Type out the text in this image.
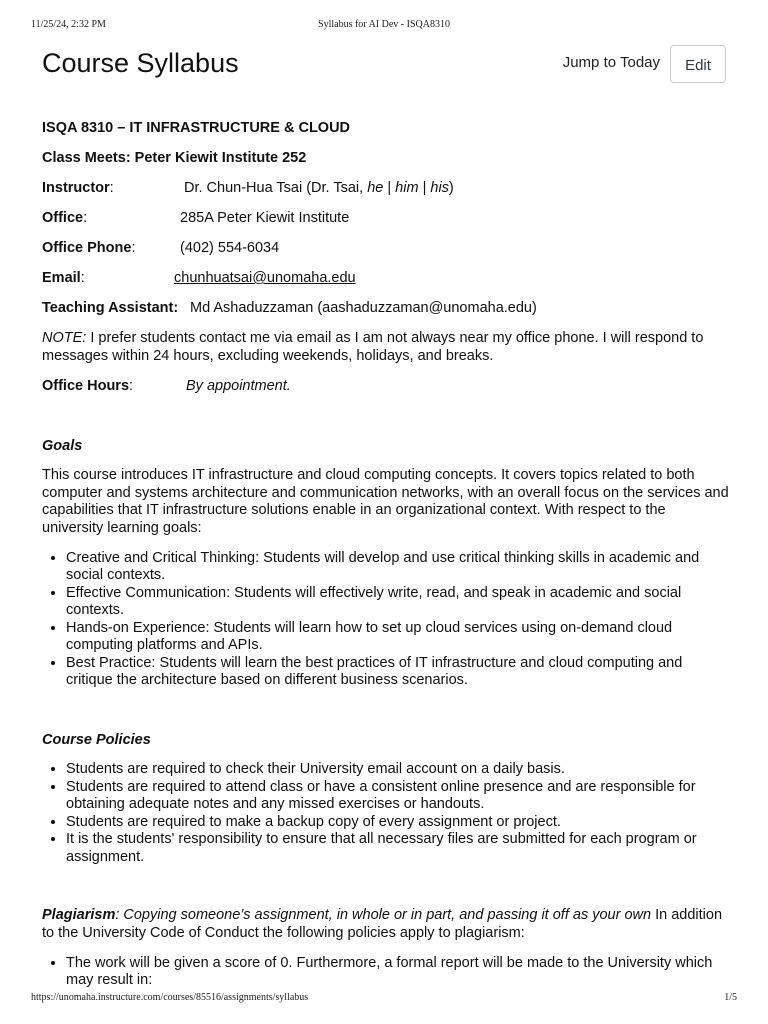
11/25/24, 2:32 PM	Syllabus for AI Dev - ISQA8310
Course Syllabus	Jump to Today	Edit

ISQA 8310 – IT INFRASTRUCTURE & CLOUD

Class Meets: Peter Kiewit Institute 252

Instructor:	Dr. Chun-Hua Tsai (Dr. Tsai, he | him | his)
Office:	285A Peter Kiewit Institute
Office Phone:	(402) 554-6034
Email:	chunhuatsai@unomaha.edu
Teaching Assistant: Md Ashaduzzaman (aashaduzzaman@unomaha.edu)

NOTE: I prefer students contact me via email as I am not always near my office phone. I will respond to messages within 24 hours, excluding weekends, holidays, and breaks.

Office Hours:	By appointment.

Goals

This course introduces IT infrastructure and cloud computing concepts. It covers topics related to both computer and systems architecture and communication networks, with an overall focus on the services and capabilities that IT infrastructure solutions enable in an organizational context. With respect to the university learning goals:

• Creative and Critical Thinking: Students will develop and use critical thinking skills in academic and social contexts.
• Effective Communication: Students will effectively write, read, and speak in academic and social contexts.
• Hands-on Experience: Students will learn how to set up cloud services using on-demand cloud computing platforms and APIs.
• Best Practice: Students will learn the best practices of IT infrastructure and cloud computing and critique the architecture based on different business scenarios.

Course Policies

• Students are required to check their University email account on a daily basis.
• Students are required to attend class or have a consistent online presence and are responsible for obtaining adequate notes and any missed exercises or handouts.
• Students are required to make a backup copy of every assignment or project.
• It is the students' responsibility to ensure that all necessary files are submitted for each program or assignment.

Plagiarism: Copying someone’s assignment, in whole or in part, and passing it off as your own In addition to the University Code of Conduct the following policies apply to plagiarism:

• The work will be given a score of 0. Furthermore, a formal report will be made to the University which may result in:
https://unomaha.instructure.com/courses/85516/assignments/syllabus	1/5
